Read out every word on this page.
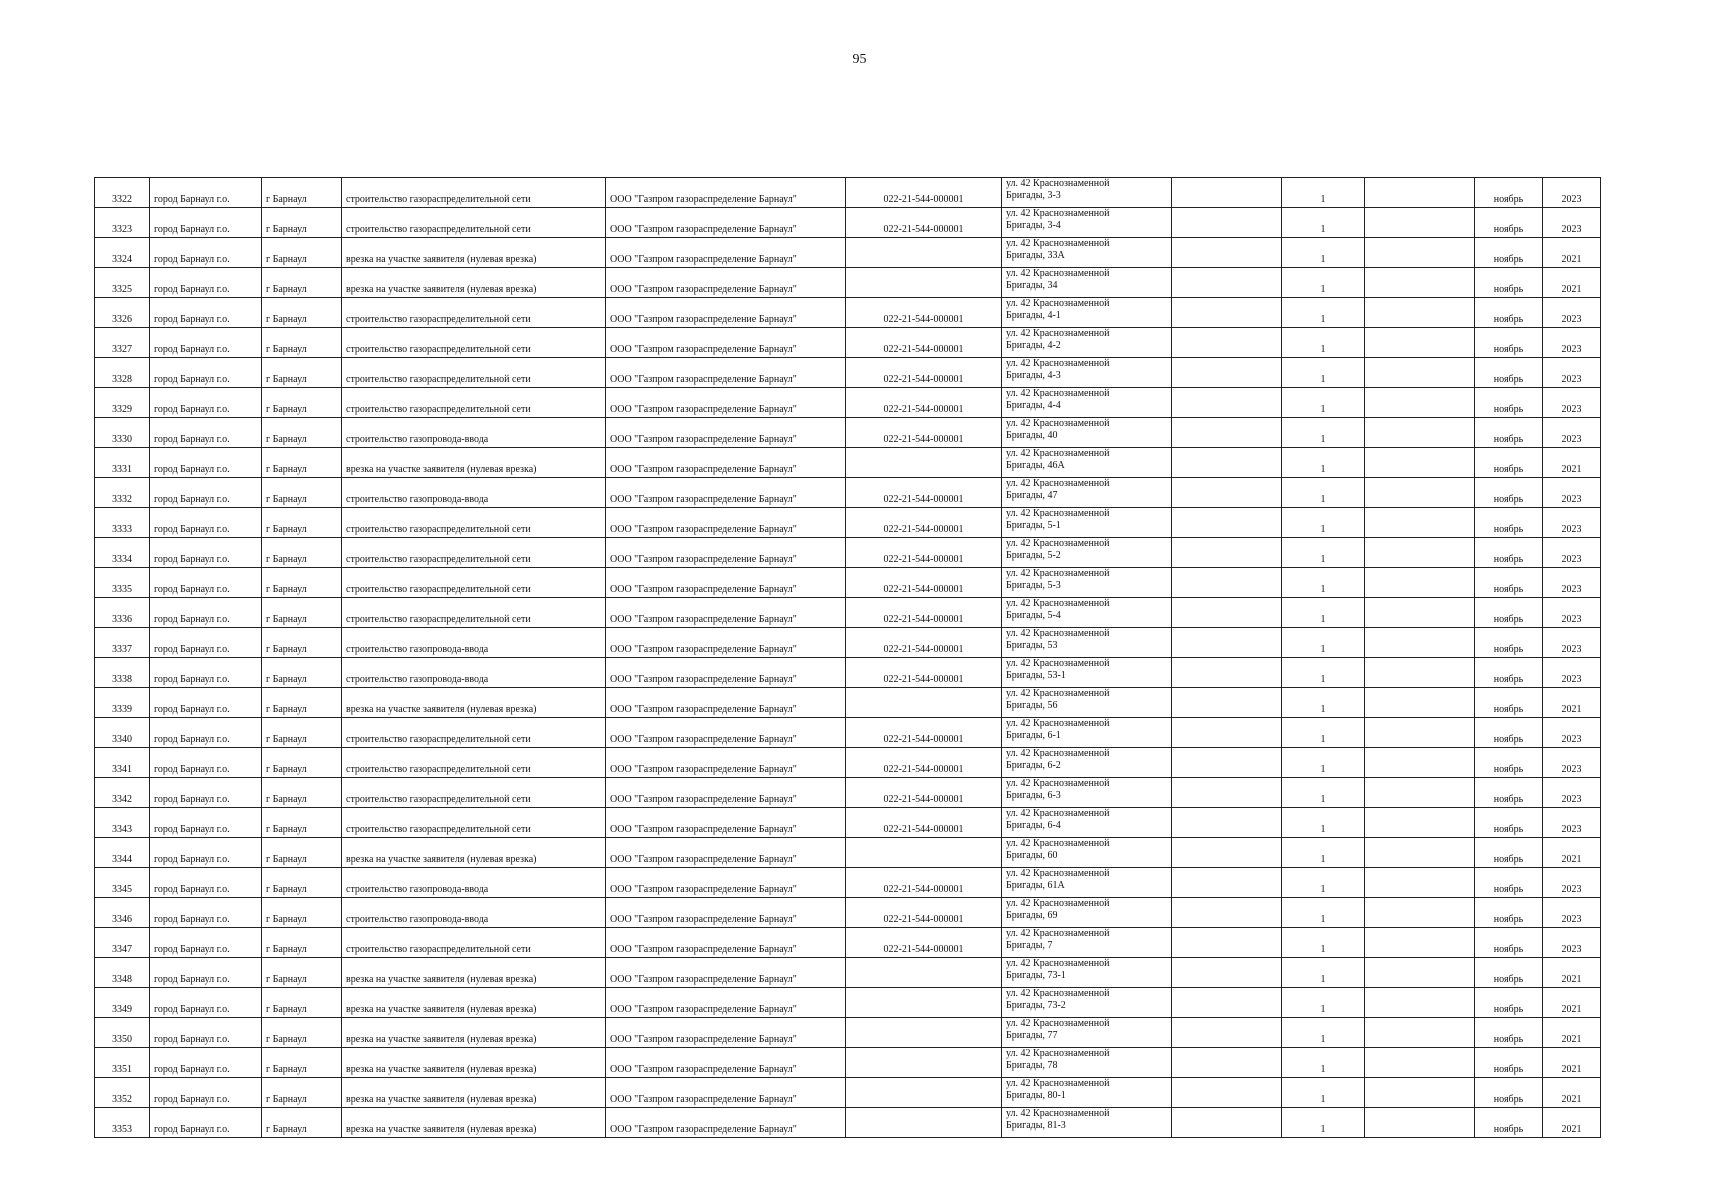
95
3322	город Барнаул г.о.	г Барнаул	строительство газораспределительной сети	ООО "Газпром газораспределение Барнаул"	022-21-544-000001	ул. 42 Краснознаменной
Бригады, 3-3		1		ноябрь	2023
3323	город Барнаул г.о.	г Барнаул	строительство газораспределительной сети	ООО "Газпром газораспределение Барнаул"	022-21-544-000001	ул. 42 Краснознаменной
Бригады, 3-4		1		ноябрь	2023
3324	город Барнаул г.о.	г Барнаул	врезка на участке заявителя (нулевая врезка)	ООО "Газпром газораспределение Барнаул"		ул. 42 Краснознаменной
Бригады, 33А		1		ноябрь	2021
3325	город Барнаул г.о.	г Барнаул	врезка на участке заявителя (нулевая врезка)	ООО "Газпром газораспределение Барнаул"		ул. 42 Краснознаменной
Бригады, 34		1		ноябрь	2021
3326	город Барнаул г.о.	г Барнаул	строительство газораспределительной сети	ООО "Газпром газораспределение Барнаул"	022-21-544-000001	ул. 42 Краснознаменной
Бригады, 4-1		1		ноябрь	2023
3327	город Барнаул г.о.	г Барнаул	строительство газораспределительной сети	ООО "Газпром газораспределение Барнаул"	022-21-544-000001	ул. 42 Краснознаменной
Бригады, 4-2		1		ноябрь	2023
3328	город Барнаул г.о.	г Барнаул	строительство газораспределительной сети	ООО "Газпром газораспределение Барнаул"	022-21-544-000001	ул. 42 Краснознаменной
Бригады, 4-3		1		ноябрь	2023
3329	город Барнаул г.о.	г Барнаул	строительство газораспределительной сети	ООО "Газпром газораспределение Барнаул"	022-21-544-000001	ул. 42 Краснознаменной
Бригады, 4-4		1		ноябрь	2023
3330	город Барнаул г.о.	г Барнаул	строительство газопровода-ввода	ООО "Газпром газораспределение Барнаул"	022-21-544-000001	ул. 42 Краснознаменной
Бригады, 40		1		ноябрь	2023
3331	город Барнаул г.о.	г Барнаул	врезка на участке заявителя (нулевая врезка)	ООО "Газпром газораспределение Барнаул"		ул. 42 Краснознаменной
Бригады, 46А		1		ноябрь	2021
3332	город Барнаул г.о.	г Барнаул	строительство газопровода-ввода	ООО "Газпром газораспределение Барнаул"	022-21-544-000001	ул. 42 Краснознаменной
Бригады, 47		1		ноябрь	2023
3333	город Барнаул г.о.	г Барнаул	строительство газораспределительной сети	ООО "Газпром газораспределение Барнаул"	022-21-544-000001	ул. 42 Краснознаменной
Бригады, 5-1		1		ноябрь	2023
3334	город Барнаул г.о.	г Барнаул	строительство газораспределительной сети	ООО "Газпром газораспределение Барнаул"	022-21-544-000001	ул. 42 Краснознаменной
Бригады, 5-2		1		ноябрь	2023
3335	город Барнаул г.о.	г Барнаул	строительство газораспределительной сети	ООО "Газпром газораспределение Барнаул"	022-21-544-000001	ул. 42 Краснознаменной
Бригады, 5-3		1		ноябрь	2023
3336	город Барнаул г.о.	г Барнаул	строительство газораспределительной сети	ООО "Газпром газораспределение Барнаул"	022-21-544-000001	ул. 42 Краснознаменной
Бригады, 5-4		1		ноябрь	2023
3337	город Барнаул г.о.	г Барнаул	строительство газопровода-ввода	ООО "Газпром газораспределение Барнаул"	022-21-544-000001	ул. 42 Краснознаменной
Бригады, 53		1		ноябрь	2023
3338	город Барнаул г.о.	г Барнаул	строительство газопровода-ввода	ООО "Газпром газораспределение Барнаул"	022-21-544-000001	ул. 42 Краснознаменной
Бригады, 53-1		1		ноябрь	2023
3339	город Барнаул г.о.	г Барнаул	врезка на участке заявителя (нулевая врезка)	ООО "Газпром газораспределение Барнаул"		ул. 42 Краснознаменной
Бригады, 56		1		ноябрь	2021
3340	город Барнаул г.о.	г Барнаул	строительство газораспределительной сети	ООО "Газпром газораспределение Барнаул"	022-21-544-000001	ул. 42 Краснознаменной
Бригады, 6-1		1		ноябрь	2023
3341	город Барнаул г.о.	г Барнаул	строительство газораспределительной сети	ООО "Газпром газораспределение Барнаул"	022-21-544-000001	ул. 42 Краснознаменной
Бригады, 6-2		1		ноябрь	2023
3342	город Барнаул г.о.	г Барнаул	строительство газораспределительной сети	ООО "Газпром газораспределение Барнаул"	022-21-544-000001	ул. 42 Краснознаменной
Бригады, 6-3		1		ноябрь	2023
3343	город Барнаул г.о.	г Барнаул	строительство газораспределительной сети	ООО "Газпром газораспределение Барнаул"	022-21-544-000001	ул. 42 Краснознаменной
Бригады, 6-4		1		ноябрь	2023
3344	город Барнаул г.о.	г Барнаул	врезка на участке заявителя (нулевая врезка)	ООО "Газпром газораспределение Барнаул"		ул. 42 Краснознаменной
Бригады, 60		1		ноябрь	2021
3345	город Барнаул г.о.	г Барнаул	строительство газопровода-ввода	ООО "Газпром газораспределение Барнаул"	022-21-544-000001	ул. 42 Краснознаменной
Бригады, 61А		1		ноябрь	2023
3346	город Барнаул г.о.	г Барнаул	строительство газопровода-ввода	ООО "Газпром газораспределение Барнаул"	022-21-544-000001	ул. 42 Краснознаменной
Бригады, 69		1		ноябрь	2023
3347	город Барнаул г.о.	г Барнаул	строительство газораспределительной сети	ООО "Газпром газораспределение Барнаул"	022-21-544-000001	ул. 42 Краснознаменной
Бригады, 7		1		ноябрь	2023
3348	город Барнаул г.о.	г Барнаул	врезка на участке заявителя (нулевая врезка)	ООО "Газпром газораспределение Барнаул"		ул. 42 Краснознаменной
Бригады, 73-1		1		ноябрь	2021
3349	город Барнаул г.о.	г Барнаул	врезка на участке заявителя (нулевая врезка)	ООО "Газпром газораспределение Барнаул"		ул. 42 Краснознаменной
Бригады, 73-2		1		ноябрь	2021
3350	город Барнаул г.о.	г Барнаул	врезка на участке заявителя (нулевая врезка)	ООО "Газпром газораспределение Барнаул"		ул. 42 Краснознаменной
Бригады, 77		1		ноябрь	2021
3351	город Барнаул г.о.	г Барнаул	врезка на участке заявителя (нулевая врезка)	ООО "Газпром газораспределение Барнаул"		ул. 42 Краснознаменной
Бригады, 78		1		ноябрь	2021
3352	город Барнаул г.о.	г Барнаул	врезка на участке заявителя (нулевая врезка)	ООО "Газпром газораспределение Барнаул"		ул. 42 Краснознаменной
Бригады, 80-1		1		ноябрь	2021
3353	город Барнаул г.о.	г Барнаул	врезка на участке заявителя (нулевая врезка)	ООО "Газпром газораспределение Барнаул"		ул. 42 Краснознаменной
Бригады, 81-3		1		ноябрь	2021
